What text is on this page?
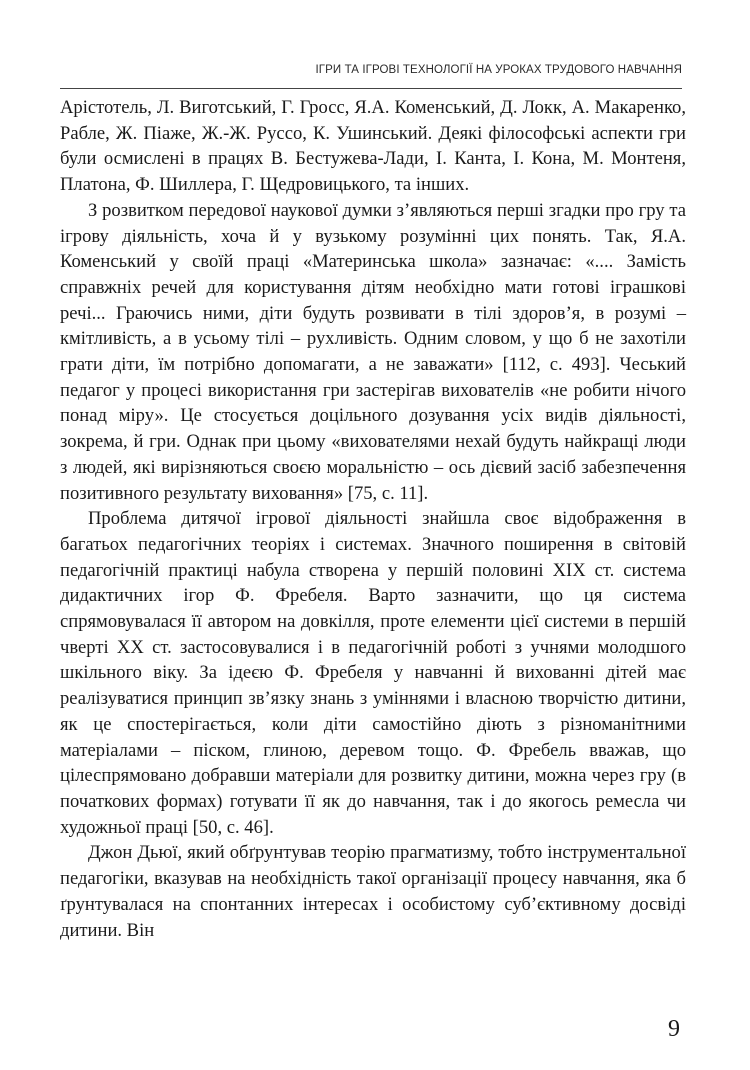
ІГРИ ТА ІГРОВІ ТЕХНОЛОГІЇ НА УРОКАХ ТРУДОВОГО НАВЧАННЯ

Арістотель, Л. Виготський, Г. Гросс, Я.А. Коменський, Д. Локк, А. Макаренко, Рабле, Ж. Піаже, Ж.-Ж. Руссо, К. Ушинський. Деякі філософські аспекти гри були осмислені в працях В. Бестужева-Лади, І. Канта, І. Кона, М. Монтеня, Платона, Ф. Шиллера, Г. Щедровицького, та інших.

З розвитком передової наукової думки з’являються перші згадки про гру та ігрову діяльність, хоча й у вузькому розумінні цих понять. Так, Я.А. Коменський у своїй праці «Материнська школа» зазначає: «.... Замість справжніх речей для користування дітям необхідно мати готові іграшкові речі... Граючись ними, діти будуть розвивати в тілі здоров’я, в розумі – кмітливість, а в усьому тілі – рухливість. Одним словом, у що б не захотіли грати діти, їм потрібно допомагати, а не заважати» [112, с. 493]. Чеський педагог у процесі використання гри застерігав вихователів «не робити нічого понад міру». Це стосується доцільного дозування усіх видів діяльності, зокрема, й гри. Однак при цьому «вихователями нехай будуть найкращі люди з людей, які вирізняються своєю моральністю – ось дієвий засіб забезпечення позитивного результату виховання» [75, с. 11].

Проблема дитячої ігрової діяльності знайшла своє відображення в багатьох педагогічних теоріях і системах. Значного поширення в світовій педагогічній практиці набула створена у першій половині ХІХ ст. система дидактичних ігор Ф. Фребеля. Варто зазначити, що ця система спрямовувалася її автором на довкілля, проте елементи цієї системи в першій чверті ХХ ст. застосовувалися і в педагогічній роботі з учнями молодшого шкільного віку. За ідеєю Ф. Фребеля у навчанні й вихованні дітей має реалізуватися принцип зв’язку знань з уміннями і власною творчістю дитини, як це спостерігається, коли діти самостійно діють з різноманітними матеріалами – піском, глиною, деревом тощо. Ф. Фребель вважав, що цілеспрямовано добравши матеріали для розвитку дитини, можна через гру (в початкових формах) готувати її як до навчання, так і до якогось ремесла чи художньої праці [50, с. 46].

Джон Дьюї, який обґрунтував теорію прагматизму, тобто інструментальної педагогіки, вказував на необхідність такої організації процесу навчання, яка б ґрунтувалася на спонтанних інтересах і особистому суб’єктивному досвіді дитини. Він

9
